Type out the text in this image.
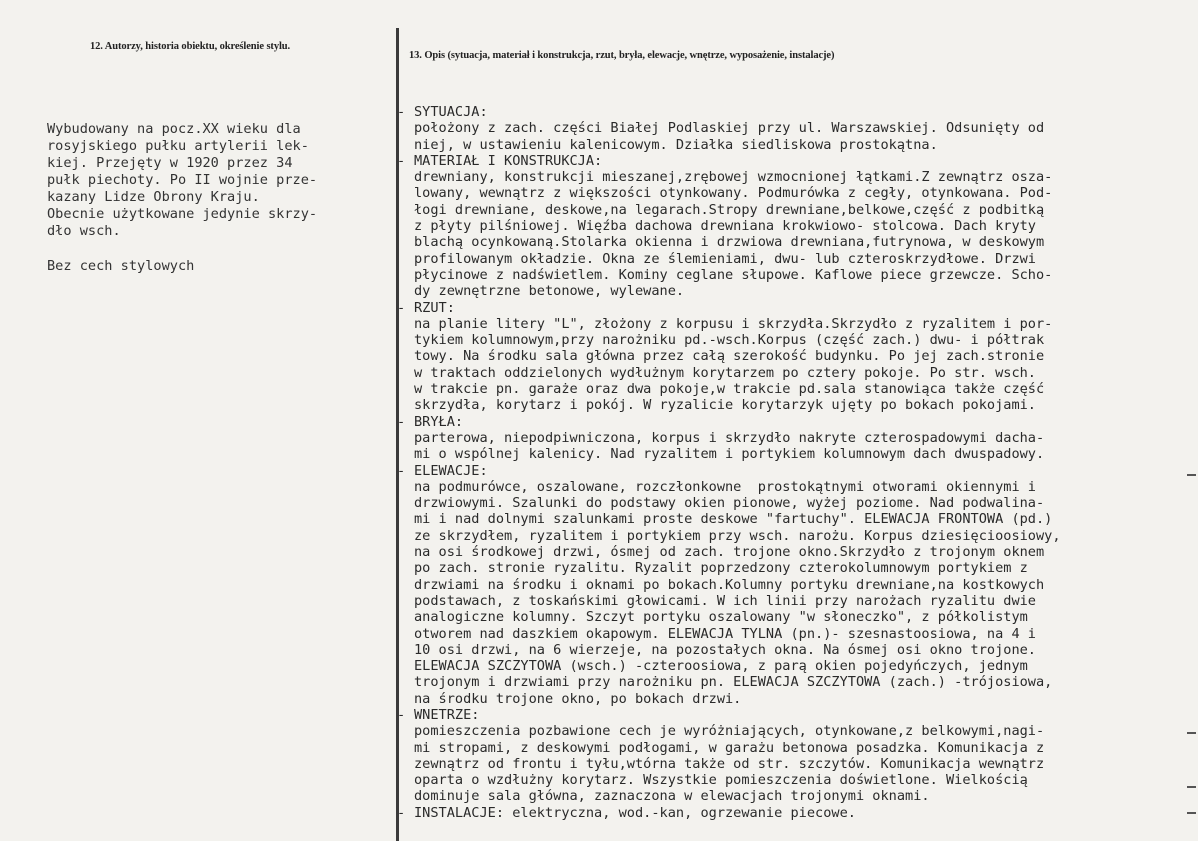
12. Autorzy, historia obiektu, określenie stylu.
13. Opis (sytuacja, materiał i konstrukcja, rzut, bryła, elewacje, wnętrze, wyposażenie, instalacje)

Wybudowany na pocz.XX wieku dla

rosyjskiego pułku artylerii lek-

kiej. Przejęty w 1920 przez 34

pułk piechoty. Po II wojnie prze-

kazany Lidze Obrony Kraju.

Obecnie użytkowane jedynie skrzy-

dło wsch.

Bez cech stylowych

- SYTUACJA:
położony z zach. części Białej Podlaskiej przy ul. Warszawskiej. Odsunięty od
niej, w ustawieniu kalenicowym. Działka siedliskowa prostokątna.
- MATERIAŁ I KONSTRUKCJA:
drewniany, konstrukcji mieszanej,zrębowej wzmocnionej łątkami.Z zewnątrz osza-
lowany, wewnątrz z większości otynkowany. Podmurówka z cegły, otynkowana. Pod-
łogi drewniane, deskowe,na legarach.Stropy drewniane,belkowe,część z podbitką
z płyty pilśniowej. Więźba dachowa drewniana krokwiowo- stolcowa. Dach kryty
blachą ocynkowaną.Stolarka okienna i drzwiowa drewniana,futrynowa, w deskowym
profilowanym okładzie. Okna ze ślemieniami, dwu- lub czteroskrzydłowe. Drzwi
płycinowe z nadświetlem. Kominy ceglane słupowe. Kaflowe piece grzewcze. Scho-
dy zewnętrzne betonowe, wylewane.
- RZUT:
na planie litery "L", złożony z korpusu i skrzydła.Skrzydło z ryzalitem i por-
tykiem kolumnowym,przy narożniku pd.-wsch.Korpus (część zach.) dwu- i półtrak
towy. Na środku sala główna przez całą szerokość budynku. Po jej zach.stronie
w traktach oddzielonych wydłużnym korytarzem po cztery pokoje. Po str. wsch.
w trakcie pn. garaże oraz dwa pokoje,w trakcie pd.sala stanowiąca także część
skrzydła, korytarz i pokój. W ryzalicie korytarzyk ujęty po bokach pokojami.
- BRYŁA:
parterowa, niepodpiwniczona, korpus i skrzydło nakryte czterospadowymi dacha-
mi o wspólnej kalenicy. Nad ryzalitem i portykiem kolumnowym dach dwuspadowy.
- ELEWACJE:
na podmurówce, oszalowane, rozczłonkowne  prostokątnymi otworami okiennymi i
drzwiowymi. Szalunki do podstawy okien pionowe, wyżej poziome. Nad podwalina-
mi i nad dolnymi szalunkami proste deskowe "fartuchy". ELEWACJA FRONTOWA (pd.)
ze skrzydłem, ryzalitem i portykiem przy wsch. narożu. Korpus dziesięcioosiowy,
na osi środkowej drzwi, ósmej od zach. trojone okno.Skrzydło z trojonym oknem
po zach. stronie ryzalitu. Ryzalit poprzedzony czterokolumnowym portykiem z
drzwiami na środku i oknami po bokach.Kolumny portyku drewniane,na kostkowych
podstawach, z toskańskimi głowicami. W ich linii przy narożach ryzalitu dwie
analogiczne kolumny. Szczyt portyku oszalowany "w słoneczko", z półkolistym
otworem nad daszkiem okapowym. ELEWACJA TYLNA (pn.)- szesnastoosiowa, na 4 i
10 osi drzwi, na 6 wierzeje, na pozostałych okna. Na ósmej osi okno trojone.
ELEWACJA SZCZYTOWA (wsch.) -czteroosiowa, z parą okien pojedyńczych, jednym
trojonym i drzwiami przy narożniku pn. ELEWACJA SZCZYTOWA (zach.) -trójosiowa,
na środku trojone okno, po bokach drzwi.
- WNETRZE:
pomieszczenia pozbawione cech je wyróżniających, otynkowane,z belkowymi,nagi-
mi stropami, z deskowymi podłogami, w garażu betonowa posadzka. Komunikacja z
zewnątrz od frontu i tyłu,wtórna także od str. szczytów. Komunikacja wewnątrz
oparta o wzdłużny korytarz. Wszystkie pomieszczenia doświetlone. Wielkością
dominuje sala główna, zaznaczona w elewacjach trojonymi oknami.
- INSTALACJE: elektryczna, wod.-kan, ogrzewanie piecowe.
